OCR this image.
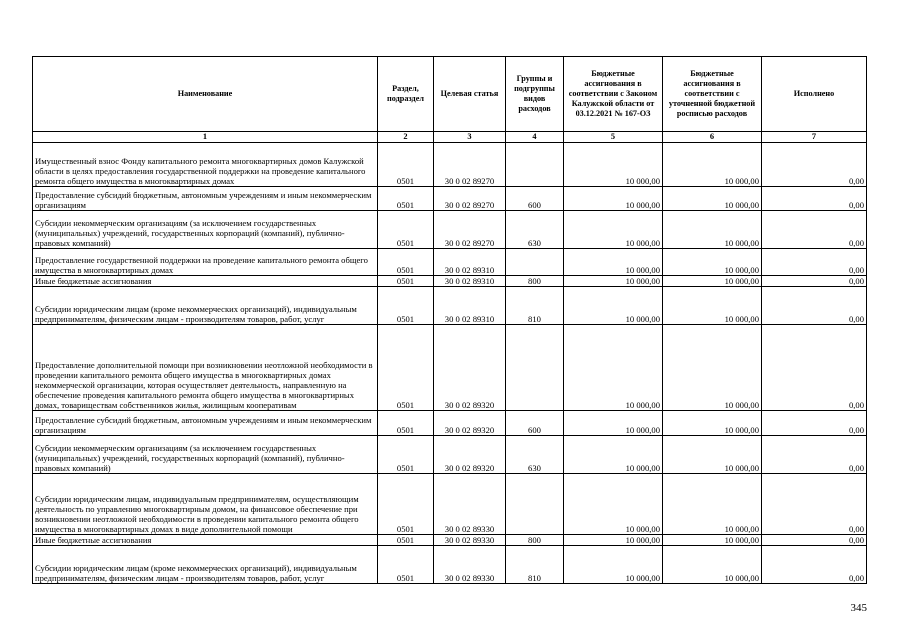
Наименование	Раздел, подраздел	Целевая статья	Группы и подгруппы видов расходов	Бюджетные ассигнования в соответствии с Законом Калужской области от 03.12.2021 № 167-ОЗ	Бюджетные ассигнования в соответствии с уточненной бюджетной росписью расходов	Исполнено
1	2	3	4	5	6	7
Имущественный взнос Фонду капитального ремонта многоквартирных домов Калужской области в целях предоставления государственной поддержки на проведение капитального ремонта общего имущества в многоквартирных домах	0501	30 0 02 89270		10 000,00	10 000,00	0,00
Предоставление субсидий бюджетным, автономным учреждениям и иным некоммерческим организациям	0501	30 0 02 89270	600	10 000,00	10 000,00	0,00
Субсидии некоммерческим организациям (за исключением государственных (муниципальных) учреждений, государственных корпораций (компаний), публично-правовых компаний)	0501	30 0 02 89270	630	10 000,00	10 000,00	0,00
Предоставление государственной поддержки на проведение капитального ремонта общего имущества в многоквартирных домах	0501	30 0 02 89310		10 000,00	10 000,00	0,00
Иные бюджетные ассигнования	0501	30 0 02 89310	800	10 000,00	10 000,00	0,00
Субсидии юридическим лицам (кроме некоммерческих организаций), индивидуальным предпринимателям, физическим лицам - производителям товаров, работ, услуг	0501	30 0 02 89310	810	10 000,00	10 000,00	0,00
Предоставление дополнительной помощи при возникновении неотложной необходимости в проведении капитального ремонта общего имущества в многоквартирных домах некоммерческой организации, которая осуществляет деятельность, направленную на обеспечение проведения капитального ремонта общего имущества в многоквартирных домах, товариществам собственников жилья, жилищным кооперативам	0501	30 0 02 89320		10 000,00	10 000,00	0,00
Предоставление субсидий бюджетным, автономным учреждениям и иным некоммерческим организациям	0501	30 0 02 89320	600	10 000,00	10 000,00	0,00
Субсидии некоммерческим организациям (за исключением государственных (муниципальных) учреждений, государственных корпораций (компаний), публично-правовых компаний)	0501	30 0 02 89320	630	10 000,00	10 000,00	0,00
Субсидии юридическим лицам, индивидуальным предпринимателям, осуществляющим деятельность по управлению многоквартирным домом, на финансовое обеспечение при возникновении неотложной необходимости в проведении капитального ремонта общего имущества в многоквартирных домах в виде дополнительной помощи	0501	30 0 02 89330		10 000,00	10 000,00	0,00
Иные бюджетные ассигнования	0501	30 0 02 89330	800	10 000,00	10 000,00	0,00
Субсидии юридическим лицам (кроме некоммерческих организаций), индивидуальным предпринимателям, физическим лицам - производителям товаров, работ, услуг	0501	30 0 02 89330	810	10 000,00	10 000,00	0,00
345
